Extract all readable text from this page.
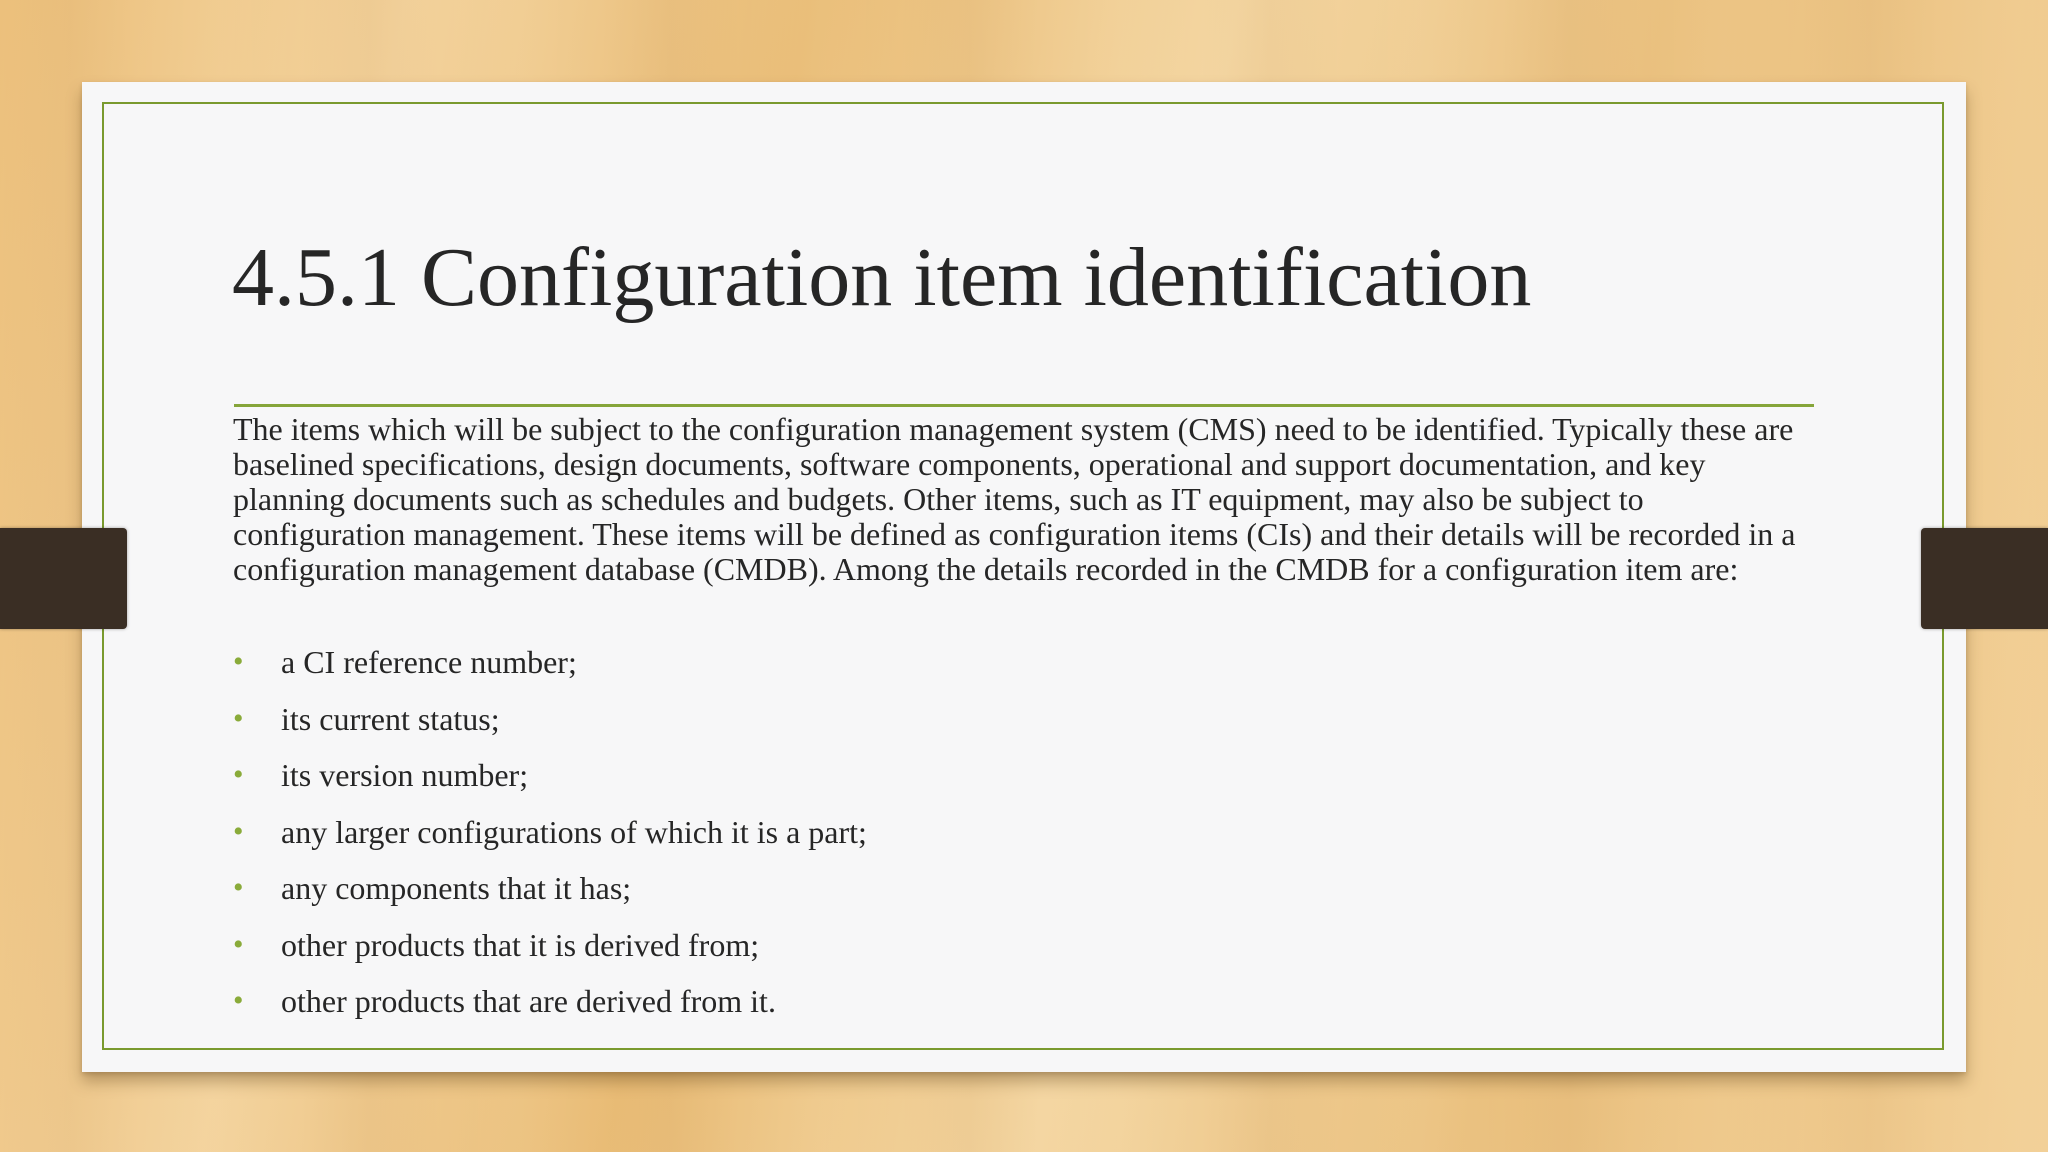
4.5.1 Configuration item identification

The items which will be subject to the configuration management system (CMS) need to be identified. Typically these are baselined specifications, design documents, software components, operational and support documentation, and key planning documents such as schedules and budgets. Other items, such as IT equipment, may also be subject to configuration management. These items will be defined as configuration items (CIs) and their details will be recorded in a configuration management database (CMDB). Among the details recorded in the CMDB for a configuration item are:

• a CI reference number;
• its current status;
• its version number;
• any larger configurations of which it is a part;
• any components that it has;
• other products that it is derived from;
• other products that are derived from it.
